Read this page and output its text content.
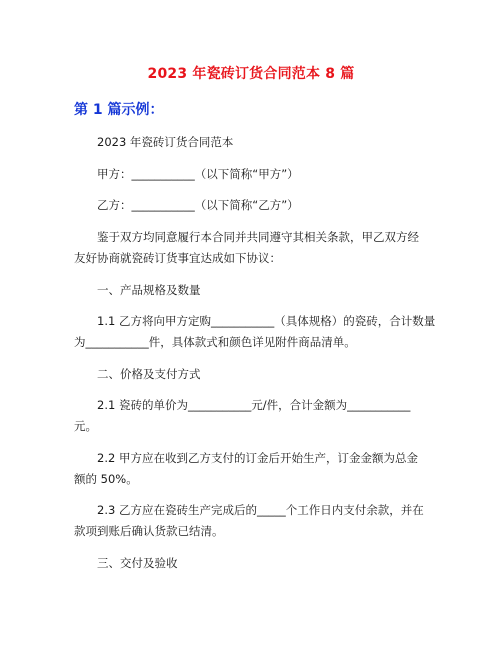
2023 年瓷砖订货合同范本 8 篇
第 1 篇示例：
2023 年瓷砖订货合同范本
甲方：___________（以下简称“甲方”）
乙方：___________（以下简称“乙方”）
鉴于双方均同意履行本合同并共同遵守其相关条款，甲乙双方经
友好协商就瓷砖订货事宜达成如下协议：
一、产品规格及数量
1.1 乙方将向甲方定购___________（具体规格）的瓷砖，合计数量
为___________件，具体款式和颜色详见附件商品清单。
二、价格及支付方式
2.1 瓷砖的单价为___________元/件，合计金额为___________
元。
2.2 甲方应在收到乙方支付的订金后开始生产，订金金额为总金
额的 50%。
2.3 乙方应在瓷砖生产完成后的_____个工作日内支付余款，并在
款项到账后确认货款已结清。
三、交付及验收
